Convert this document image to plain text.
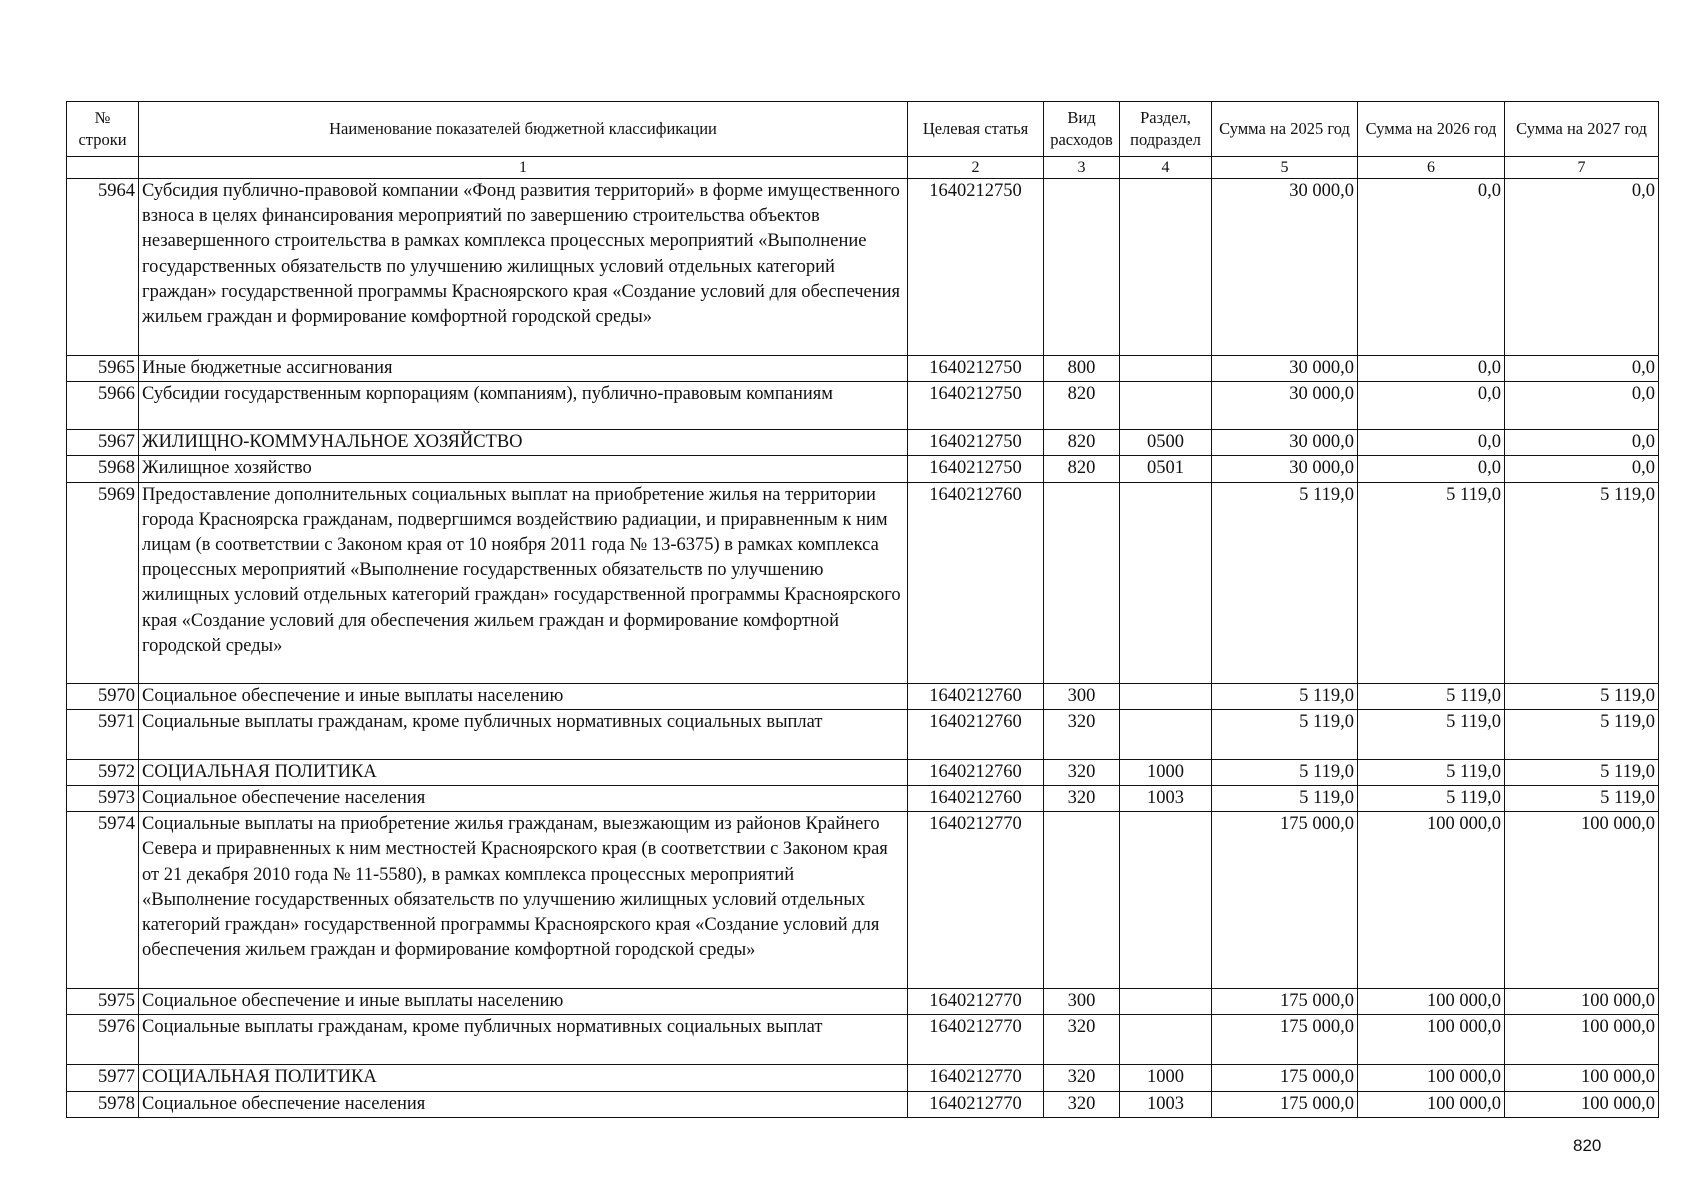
№ строки	Наименование показателей бюджетной классификации	Целевая статья	Вид расходов	Раздел, подраздел	Сумма на 2025 год	Сумма на 2026 год	Сумма на 2027 год
	1	2	3	4	5	6	7
5964	Субсидия публично-правовой компании «Фонд развития территорий» в форме имущественного взноса в целях финансирования мероприятий по завершению строительства объектов незавершенного строительства в рамках комплекса процессных мероприятий «Выполнение государственных обязательств по улучшению жилищных условий отдельных категорий граждан» государственной программы Красноярского края «Создание условий для обеспечения жильем граждан и формирование комфортной городской среды»	1640212750			30 000,0	0,0	0,0
5965	Иные бюджетные ассигнования	1640212750	800		30 000,0	0,0	0,0
5966	Субсидии государственным корпорациям (компаниям), публично-правовым компаниям	1640212750	820		30 000,0	0,0	0,0
5967	ЖИЛИЩНО-КОММУНАЛЬНОЕ ХОЗЯЙСТВО	1640212750	820	0500	30 000,0	0,0	0,0
5968	Жилищное хозяйство	1640212750	820	0501	30 000,0	0,0	0,0
5969	Предоставление дополнительных социальных выплат на приобретение жилья на территории города Красноярска гражданам, подвергшимся воздействию радиации, и приравненным к ним лицам (в соответствии с Законом края от 10 ноября 2011 года № 13-6375) в рамках комплекса процессных мероприятий «Выполнение государственных обязательств по улучшению жилищных условий отдельных категорий граждан» государственной программы Красноярского края «Создание условий для обеспечения жильем граждан и формирование комфортной городской среды»	1640212760			5 119,0	5 119,0	5 119,0
5970	Социальное обеспечение и иные выплаты населению	1640212760	300		5 119,0	5 119,0	5 119,0
5971	Социальные выплаты гражданам, кроме публичных нормативных социальных выплат	1640212760	320		5 119,0	5 119,0	5 119,0
5972	СОЦИАЛЬНАЯ ПОЛИТИКА	1640212760	320	1000	5 119,0	5 119,0	5 119,0
5973	Социальное обеспечение населения	1640212760	320	1003	5 119,0	5 119,0	5 119,0
5974	Социальные выплаты на приобретение жилья гражданам, выезжающим из районов Крайнего Севера и приравненных к ним местностей Красноярского края (в соответствии с Законом края от 21 декабря 2010 года № 11-5580), в рамках комплекса процессных мероприятий «Выполнение государственных обязательств по улучшению жилищных условий отдельных категорий граждан» государственной программы Красноярского края «Создание условий для обеспечения жильем граждан и формирование комфортной городской среды»	1640212770			175 000,0	100 000,0	100 000,0
5975	Социальное обеспечение и иные выплаты населению	1640212770	300		175 000,0	100 000,0	100 000,0
5976	Социальные выплаты гражданам, кроме публичных нормативных социальных выплат	1640212770	320		175 000,0	100 000,0	100 000,0
5977	СОЦИАЛЬНАЯ ПОЛИТИКА	1640212770	320	1000	175 000,0	100 000,0	100 000,0
5978	Социальное обеспечение населения	1640212770	320	1003	175 000,0	100 000,0	100 000,0
820
